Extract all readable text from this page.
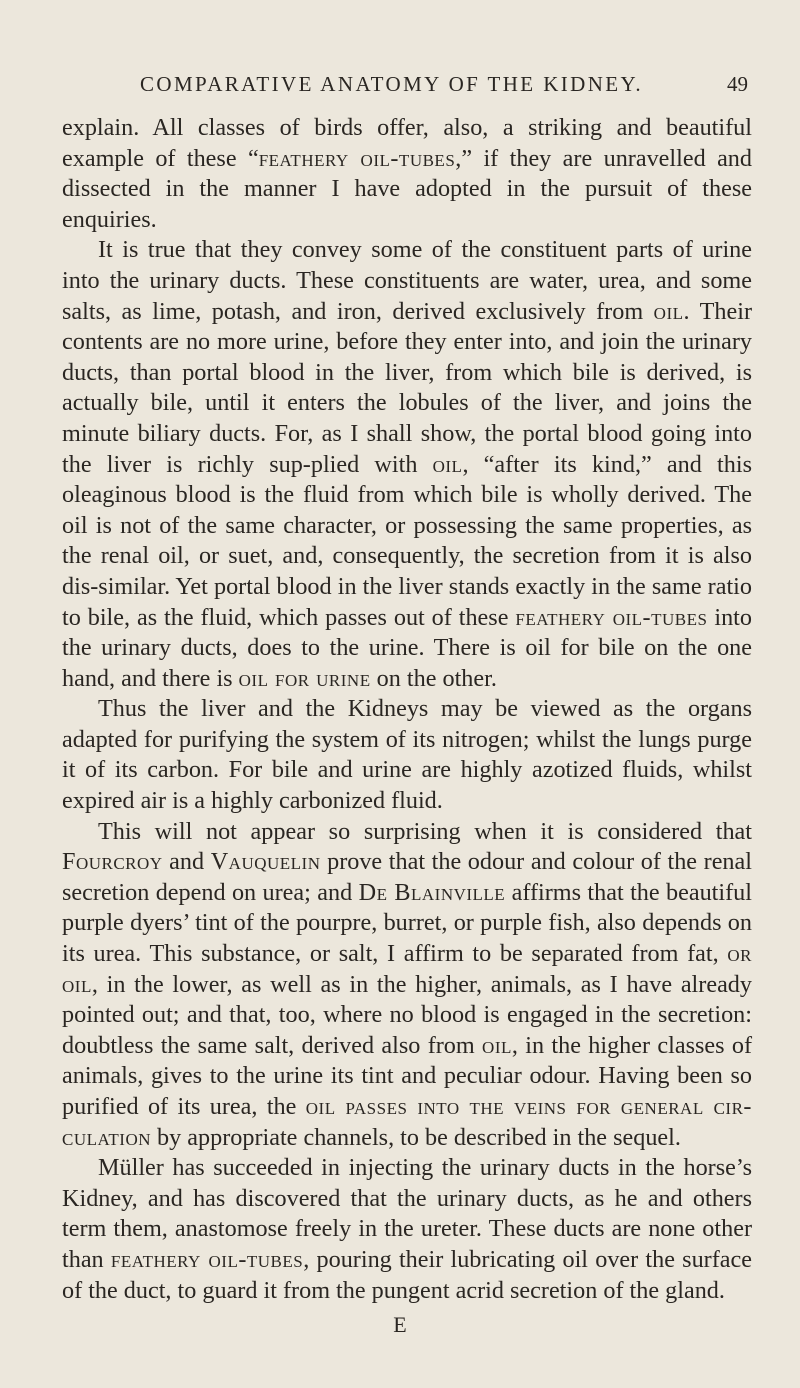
COMPARATIVE ANATOMY OF THE KIDNEY.	49

explain. All classes of birds offer, also, a striking and beautiful example of these “feathery oil-tubes,” if they are unravelled and dissected in the manner I have adopted in the pursuit of these enquiries.

It is true that they convey some of the constituent parts of urine into the urinary ducts. These constituents are water, urea, and some salts, as lime, potash, and iron, derived exclusively from oil. Their contents are no more urine, before they enter into, and join the urinary ducts, than portal blood in the liver, from which bile is derived, is actually bile, until it enters the lobules of the liver, and joins the minute biliary ducts. For, as I shall show, the portal blood going into the liver is richly sup-plied with oil, “after its kind,” and this oleaginous blood is the fluid from which bile is wholly derived. The oil is not of the same character, or possessing the same properties, as the renal oil, or suet, and, consequently, the secretion from it is also dis-similar. Yet portal blood in the liver stands exactly in the same ratio to bile, as the fluid, which passes out of these feathery oil-tubes into the urinary ducts, does to the urine. There is oil for bile on the one hand, and there is oil for urine on the other.

Thus the liver and the Kidneys may be viewed as the organs adapted for purifying the system of its nitrogen; whilst the lungs purge it of its carbon. For bile and urine are highly azotized fluids, whilst expired air is a highly carbonized fluid.

This will not appear so surprising when it is considered that Fourcroy and Vauquelin prove that the odour and colour of the renal secretion depend on urea; and De Blainville affirms that the beautiful purple dyers’ tint of the pourpre, burret, or purple fish, also depends on its urea. This substance, or salt, I affirm to be separated from fat, or oil, in the lower, as well as in the higher, animals, as I have already pointed out; and that, too, where no blood is engaged in the secretion: doubtless the same salt, derived also from oil, in the higher classes of animals, gives to the urine its tint and peculiar odour. Having been so purified of its urea, the oil passes into the veins for general cir-culation by appropriate channels, to be described in the sequel.

Müller has succeeded in injecting the urinary ducts in the horse’s Kidney, and has discovered that the urinary ducts, as he and others term them, anastomose freely in the ureter. These ducts are none other than feathery oil-tubes, pouring their lubricating oil over the surface of the duct, to guard it from the pungent acrid secretion of the gland.

E
